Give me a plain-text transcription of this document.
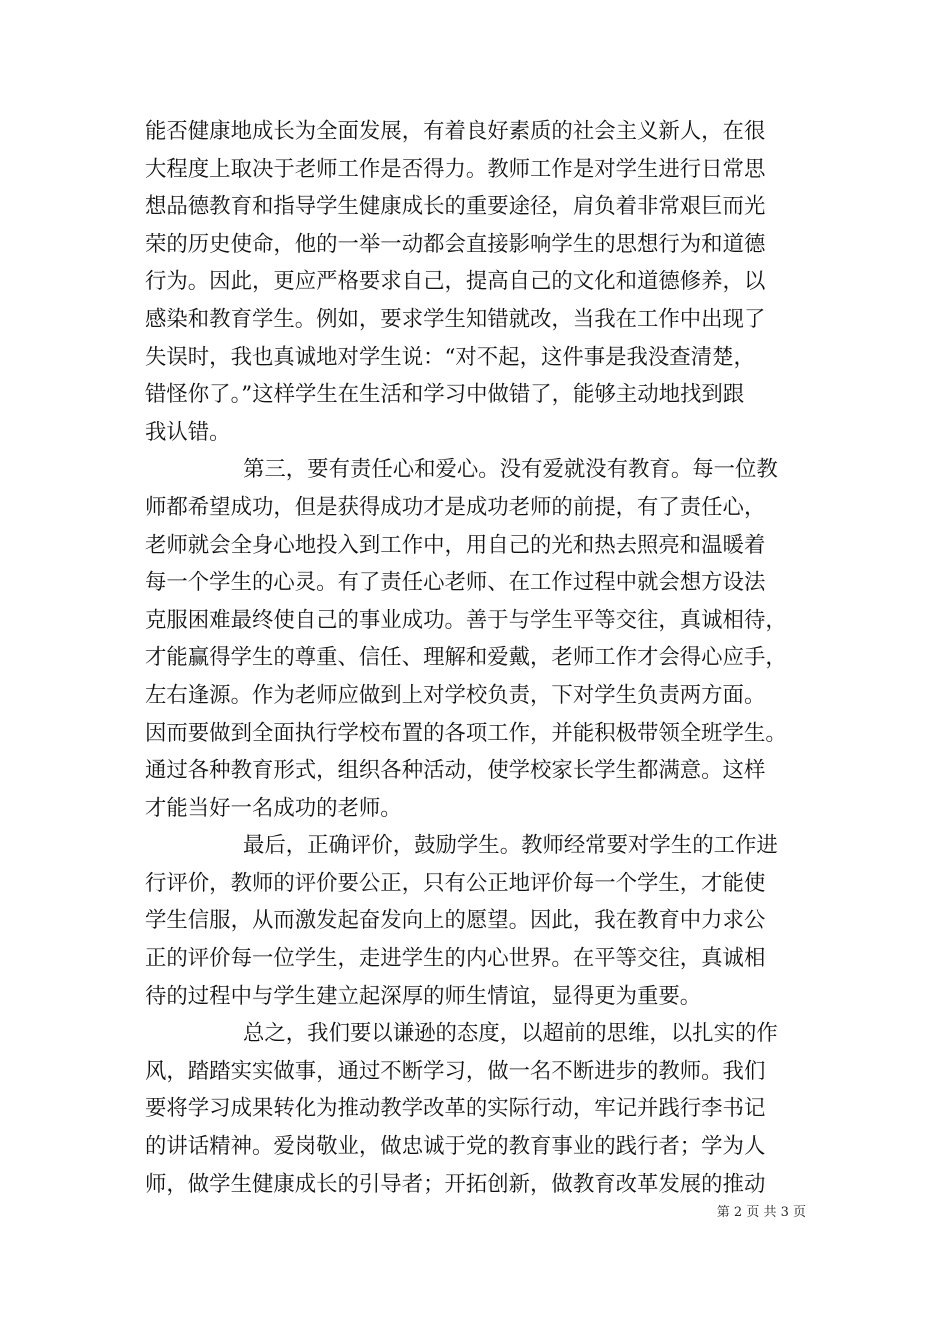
能否健康地成长为全面发展，有着良好素质的社会主义新人，在很
大程度上取决于老师工作是否得力。教师工作是对学生进行日常思
想品德教育和指导学生健康成长的重要途径，肩负着非常艰巨而光
荣的历史使命，他的一举一动都会直接影响学生的思想行为和道德
行为。因此，更应严格要求自己，提高自己的文化和道德修养，以
感染和教育学生。例如，要求学生知错就改，当我在工作中出现了
失误时，我也真诚地对学生说：“对不起，这件事是我没查清楚，
错怪你了。”这样学生在生活和学习中做错了，能够主动地找到跟
我认错。
第三，要有责任心和爱心。没有爱就没有教育。每一位教
师都希望成功，但是获得成功才是成功老师的前提，有了责任心，
老师就会全身心地投入到工作中，用自己的光和热去照亮和温暖着
每一个学生的心灵。有了责任心老师、在工作过程中就会想方设法
克服困难最终使自己的事业成功。善于与学生平等交往，真诚相待，
才能赢得学生的尊重、信任、理解和爱戴，老师工作才会得心应手，
左右逢源。作为老师应做到上对学校负责，下对学生负责两方面。
因而要做到全面执行学校布置的各项工作，并能积极带领全班学生。
通过各种教育形式，组织各种活动，使学校家长学生都满意。这样
才能当好一名成功的老师。
最后，正确评价，鼓励学生。教师经常要对学生的工作进
行评价，教师的评价要公正，只有公正地评价每一个学生，才能使
学生信服，从而激发起奋发向上的愿望。因此，我在教育中力求公
正的评价每一位学生，走进学生的内心世界。在平等交往，真诚相
待的过程中与学生建立起深厚的师生情谊，显得更为重要。
总之，我们要以谦逊的态度，以超前的思维，以扎实的作
风，踏踏实实做事，通过不断学习，做一名不断进步的教师。我们
要将学习成果转化为推动教学改革的实际行动，牢记并践行李书记
的讲话精神。爱岗敬业，做忠诚于党的教育事业的践行者；学为人
师，做学生健康成长的引导者；开拓创新，做教育改革发展的推动
第 2 页 共 3 页
